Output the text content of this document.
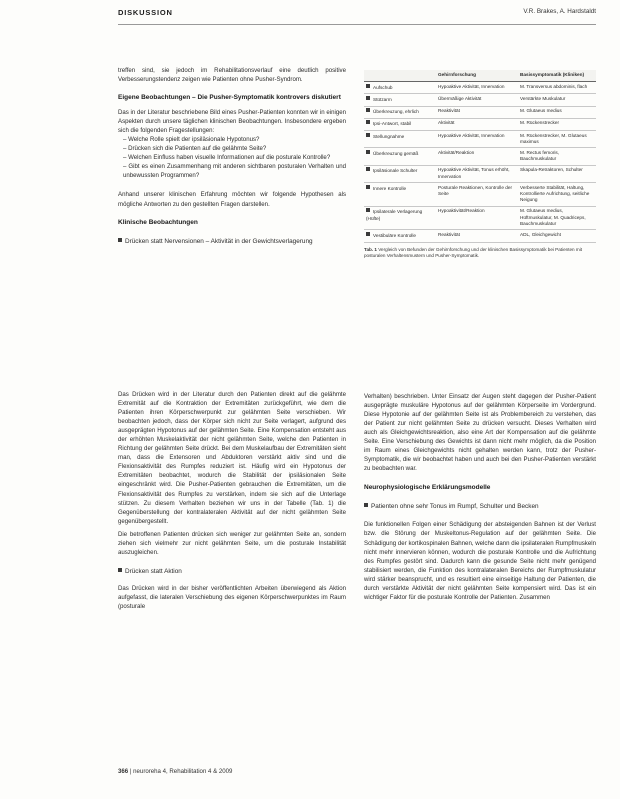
DISKUSSION	V.R. Brakes, A. Hardstaldt

treffen sind, sie jedoch im Rehabilitationsverlauf eine deutlich positive Verbesserungstendenz zeigen wie Patienten ohne Pusher-Syndrom.

Eigene Beobachtungen – Die Pusher-Symptomatik kontrovers diskutiert

Das in der Literatur beschriebene Bild eines Pusher-Patienten konnten wir in einigen Aspekten durch unsere täglichen klinischen Beobachtungen. Insbesondere ergeben sich die folgenden Fragestellungen:

– Welche Rolle spielt der ipsiläsionale Hypotonus?
– Drücken sich die Patienten auf die gelähmte Seite?
– Welchen Einfluss haben visuelle Informationen auf die posturale Kontrolle?
– Gibt es einen Zusammenhang mit anderen sichtbaren posturalen Verhalten und unbewussten Programmen?

Anhand unserer klinischen Erfahrung möchten wir folgende Hypothesen als mögliche Antworten zu den gestellten Fragen darstellen.

Klinische Beobachtungen
Drücken statt Nervensionen – Aktivität in der Gewichtsverlagerung
	Gehirnforschung	Basissymptomatik (Kliniken)
Aufschub	Hypoaktive Aktivität, Innervation	M. Transversus abdominis, flach
Stützarm	Übermäßige Aktivität	Verstärkte Muskulatur
Überkreuzung, ehrlich	Reaktivität	M. Glutaeus medius
Ipsi-Antwort, stabil	Aktivität	M. Rückenstrecker
Stellungnahme	Hypoaktive Aktivität, Innervation	M. Rückenstrecker, M. Glutaeus maximus
Überkreuzung gemäß	Aktivität/Reaktion	M. Rectus femoris, Bauchmuskulatur
Ipsiläsionale Schulter	Hypoaktive Aktivität, Tonus erhöht, Innervation	Skapula-Retraktoren, Schulter
Innere Kontrolle	Posturale Reaktionen, Kontrolle der Seite	Verbesserte Stabilität, Haltung, Kontrollierte Aufrichtung, seitliche Neigung
Ipsilaterale Verlagerung (Hüfte)	Hypoaktivität/Reaktion	M. Glutaeus medius, Hüftmuskulatur, M. Quadriceps, Bauchmuskulatur
Vestibuläre Kontrolle	Reaktivität	ADL, Gleichgewicht
Tab. 1 Vergleich von Befunden der Gehirnforschung und der klinischen Basissymptomatik bei Patienten mit posturalen Verhaltensmustern und Pusher-Symptomatik.

Das Drücken wird in der Literatur durch den Patienten direkt auf die gelähmte Extremität auf die Kontraktion der Extremitäten zurückgeführt, wie dem die Patienten ihren Körperschwerpunkt zur gelähmten Seite verschieben. Wir beobachten jedoch, dass der Körper sich nicht zur Seite verlagert, aufgrund des ausgeprägten Hypotonus auf der gelähmten Seite. Eine Kompensation entsteht aus der erhöhten Muskelaktivität der nicht gelähmten Seite, welche den Patienten in Richtung der gelähmten Seite drückt. Bei dem Muskelaufbau der Extremitäten sieht man, dass die Extensoren und Abduktoren verstärkt aktiv sind und die Flexionsaktivität des Rumpfes reduziert ist. Häufig wird ein Hypotonus der Extremitäten beobachtet, wodurch die Stabilität der ipsiläsionalen Seite eingeschränkt wird. Die Pusher-Patienten gebrauchen die Extremitäten, um die Flexionsaktivität des Rumpfes zu verstärken, indem sie sich auf die Unterlage stützen. Zu diesem Verhalten beziehen wir uns in der Tabelle (Tab. 1) die Gegenüberstellung der kontralateralen Aktivität auf der nicht gelähmten Seite gegenübergestellt.

Die betroffenen Patienten drücken sich weniger zur gelähmten Seite an, sondern ziehen sich vielmehr zur nicht gelähmten Seite, um die posturale Instabilität auszugleichen.

Drücken statt Aktion

Das Drücken wird in der bisher veröffentlichten Arbeiten überwiegend als Aktion aufgefasst, die lateralen Verschiebung des eigenen Körperschwerpunktes im Raum (posturale

Verhalten) beschrieben. Unter Einsatz der Augen steht dagegen der Pusher-Patient ausgeprägte muskuläre Hypotonus auf der gelähmten Körperseite im Vordergrund. Diese Hypotonie auf der gelähmten Seite ist als Problembereich zu verstehen, das der Patient zur nicht gelähmten Seite zu drücken versucht. Dieses Verhalten wird auch als Gleichgewichtsreaktion, also eine Art der Kompensation auf die gelähmte Seite. Eine Verschiebung des Gewichts ist dann nicht mehr möglich, da die Position im Raum eines Gleichgewichts nicht gehalten werden kann, trotz der Pusher-Symptomatik, die wir beobachtet haben und auch bei den Pusher-Patienten verstärkt zu beobachten war.

Neurophysiologische Erklärungsmodelle
Patienten ohne sehr Tonus im Rumpf, Schulter und Becken

Die funktionellen Folgen einer Schädigung der absteigenden Bahnen ist der Verlust bzw. die Störung der Muskeltonus-Regulation auf der gelähmten Seite. Die Schädigung der kortikospinalen Bahnen, welche dann die ipsilateralen Rumpfmuskeln nicht mehr innervieren können, wodurch die posturale Kontrolle und die Aufrichtung des Rumpfes gestört sind. Dadurch kann die gesunde Seite nicht mehr genügend stabilisiert werden, die Funktion des kontralateralen Bereichs der Rumpfmuskulatur wird stärker beansprucht, und es resultiert eine einseitige Haltung der Patienten, die durch verstärkte Aktivität der nicht gelähmten Seite kompensiert wird. Das ist ein wichtiger Faktor für die posturale Kontrolle der Patienten. Zusammen

366 | neuroreha 4, Rehabilitation 4 & 2009
